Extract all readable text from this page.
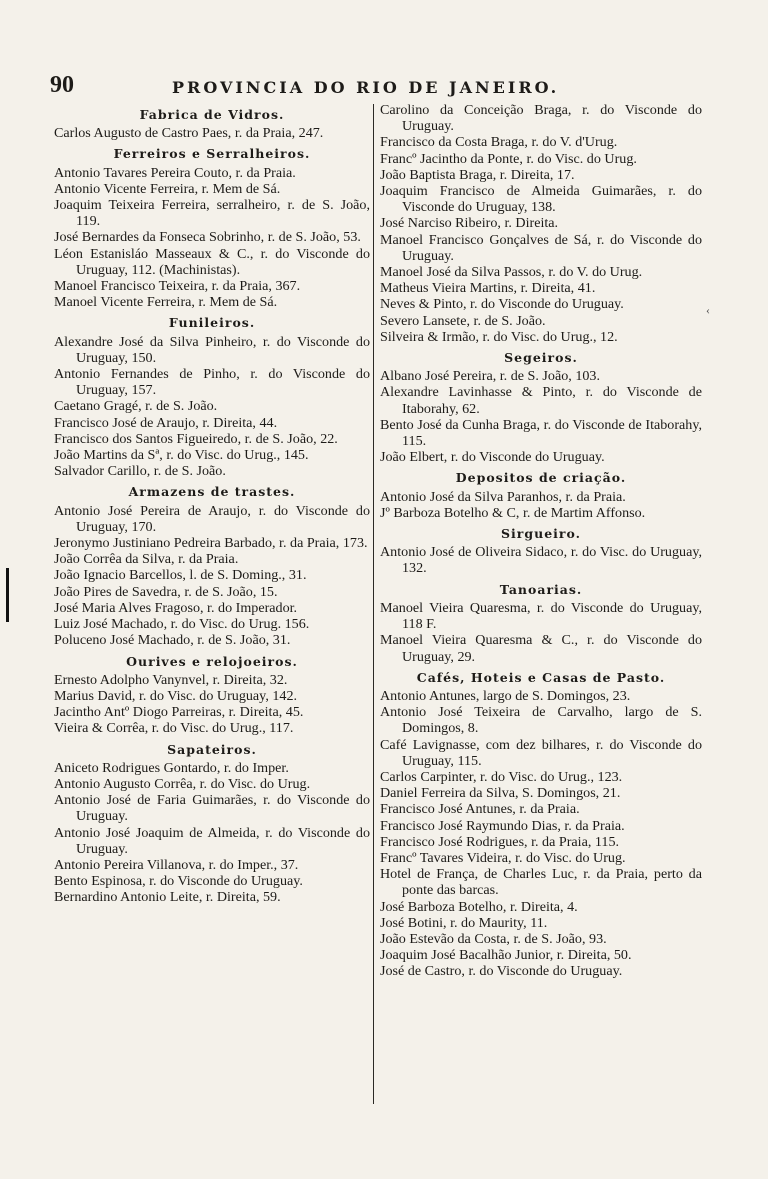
90	PROVINCIA DO RIO DE JANEIRO.
‹
Fabrica de Vidros.
Carlos Augusto de Castro Paes, r. da Praia, 247.
Ferreiros e Serralheiros.
Antonio Tavares Pereira Couto, r. da Praia.
Antonio Vicente Ferreira, r. Mem de Sá.
Joaquim Teixeira Ferreira, serralheiro, r. de S. João, 119.
José Bernardes da Fonseca Sobrinho, r. de S. João, 53.
Léon Estanisláo Masseaux & C., r. do Visconde do Uruguay, 112. (Machinistas).
Manoel Francisco Teixeira, r. da Praia, 367.
Manoel Vicente Ferreira, r. Mem de Sá.
Funileiros.
Alexandre José da Silva Pinheiro, r. do Visconde do Uruguay, 150.
Antonio Fernandes de Pinho, r. do Visconde do Uruguay, 157.
Caetano Gragé, r. de S. João.
Francisco José de Araujo, r. Direita, 44.
Francisco dos Santos Figueiredo, r. de S. João, 22.
João Martins da Sª, r. do Visc. do Urug., 145.
Salvador Carillo, r. de S. João.
Armazens de trastes.
Antonio José Pereira de Araujo, r. do Visconde do Uruguay, 170.
Jeronymo Justiniano Pedreira Barbado, r. da Praia, 173.
João Corrêa da Silva, r. da Praia.
João Ignacio Barcellos, l. de S. Doming., 31.
João Pires de Savedra, r. de S. João, 15.
José Maria Alves Fragoso, r. do Imperador.
Luiz José Machado, r. do Visc. do Urug. 156.
Poluceno José Machado, r. de S. João, 31.
Ourives e relojoeiros.
Ernesto Adolpho Vanynvel, r. Direita, 32.
Marius David, r. do Visc. do Uruguay, 142.
Jacintho Antº Diogo Parreiras, r. Direita, 45.
Vieira & Corrêa, r. do Visc. do Urug., 117.
Sapateiros.
Aniceto Rodrigues Gontardo, r. do Imper.
Antonio Augusto Corrêa, r. do Visc. do Urug.
Antonio José de Faria Guimarães, r. do Visconde do Uruguay.
Antonio José Joaquim de Almeida, r. do Visconde do Uruguay.
Antonio Pereira Villanova, r. do Imper., 37.
Bento Espinosa, r. do Visconde do Uruguay.
Bernardino Antonio Leite, r. Direita, 59.
Carolino da Conceição Braga, r. do Visconde do Uruguay.
Francisco da Costa Braga, r. do V. d'Urug.
Francº Jacintho da Ponte, r. do Visc. do Urug.
João Baptista Braga, r. Direita, 17.
Joaquim Francisco de Almeida Guimarães, r. do Visconde do Uruguay, 138.
José Narciso Ribeiro, r. Direita.
Manoel Francisco Gonçalves de Sá, r. do Visconde do Uruguay.
Manoel José da Silva Passos, r. do V. do Urug.
Matheus Vieira Martins, r. Direita, 41.
Neves & Pinto, r. do Visconde do Uruguay.
Severo Lansete, r. de S. João.
Silveira & Irmão, r. do Visc. do Urug., 12.
Segeiros.
Albano José Pereira, r. de S. João, 103.
Alexandre Lavinhasse & Pinto, r. do Visconde de Itaborahy, 62.
Bento José da Cunha Braga, r. do Visconde de Itaborahy, 115.
João Elbert, r. do Visconde do Uruguay.
Depositos de criação.
Antonio José da Silva Paranhos, r. da Praia.
Jº Barboza Botelho & C, r. de Martim Affonso.
Sirgueiro.
Antonio José de Oliveira Sidaco, r. do Visc. do Uruguay, 132.
Tanoarias.
Manoel Vieira Quaresma, r. do Visconde do Uruguay, 118 F.
Manoel Vieira Quaresma & C., r. do Visconde do Uruguay, 29.
Cafés, Hoteis e Casas de Pasto.
Antonio Antunes, largo de S. Domingos, 23.
Antonio José Teixeira de Carvalho, largo de S. Domingos, 8.
Café Lavignasse, com dez bilhares, r. do Visconde do Uruguay, 115.
Carlos Carpinter, r. do Visc. do Urug., 123.
Daniel Ferreira da Silva, S. Domingos, 21.
Francisco José Antunes, r. da Praia.
Francisco José Raymundo Dias, r. da Praia.
Francisco José Rodrigues, r. da Praia, 115.
Francº Tavares Videira, r. do Visc. do Urug.
Hotel de França, de Charles Luc, r. da Praia, perto da ponte das barcas.
José Barboza Botelho, r. Direita, 4.
José Botini, r. do Maurity, 11.
João Estevão da Costa, r. de S. João, 93.
Joaquim José Bacalhão Junior, r. Direita, 50.
José de Castro, r. do Visconde do Uruguay.
